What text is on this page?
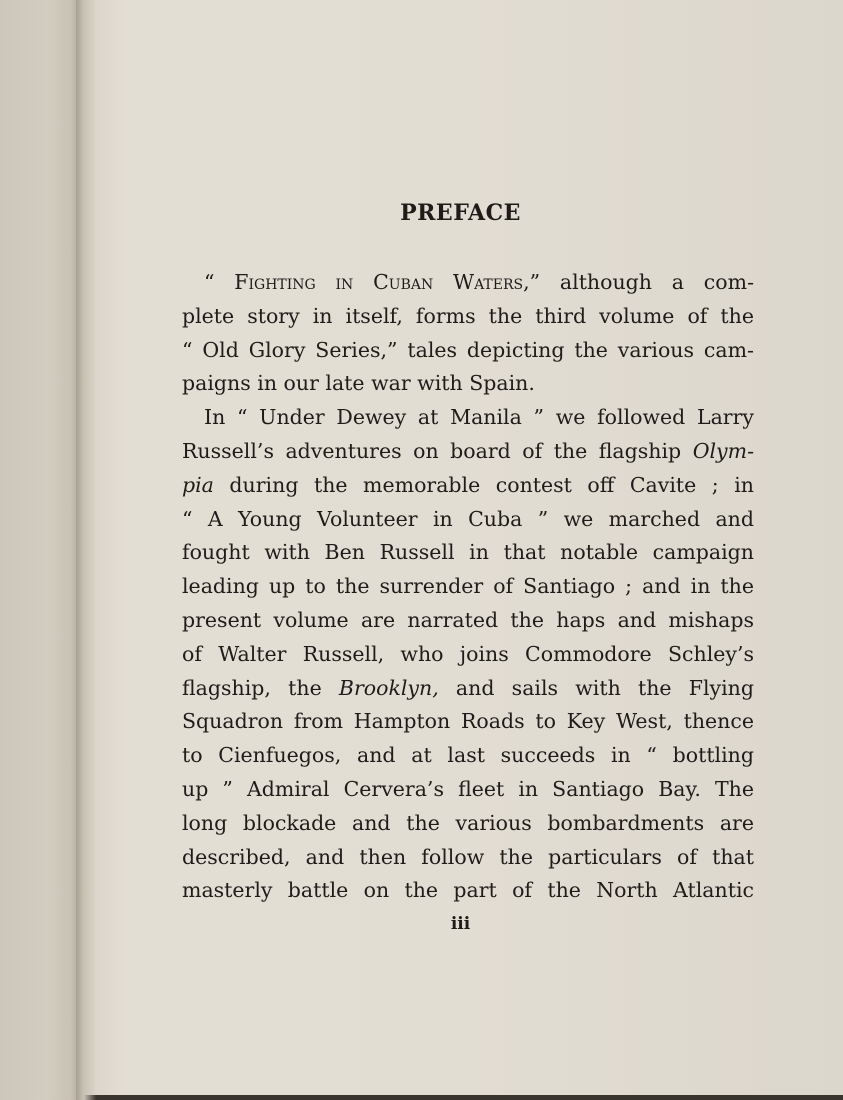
PREFACE

“ Fighting in Cuban Waters,” although a com-
plete story in itself, forms the third volume of the
“ Old Glory Series,” tales depicting the various cam-
paigns in our late war with Spain.

In “ Under Dewey at Manila ” we followed Larry
Russell’s adventures on board of the flagship Olym-
pia during the memorable contest off Cavite ; in
“ A Young Volunteer in Cuba ” we marched and
fought with Ben Russell in that notable campaign
leading up to the surrender of Santiago ; and in the
present volume are narrated the haps and mishaps
of Walter Russell, who joins Commodore Schley’s
flagship, the Brooklyn, and sails with the Flying
Squadron from Hampton Roads to Key West, thence
to Cienfuegos, and at last succeeds in “ bottling
up ” Admiral Cervera’s fleet in Santiago Bay. The
long blockade and the various bombardments are
described, and then follow the particulars of that
masterly battle on the part of the North Atlantic

iii
